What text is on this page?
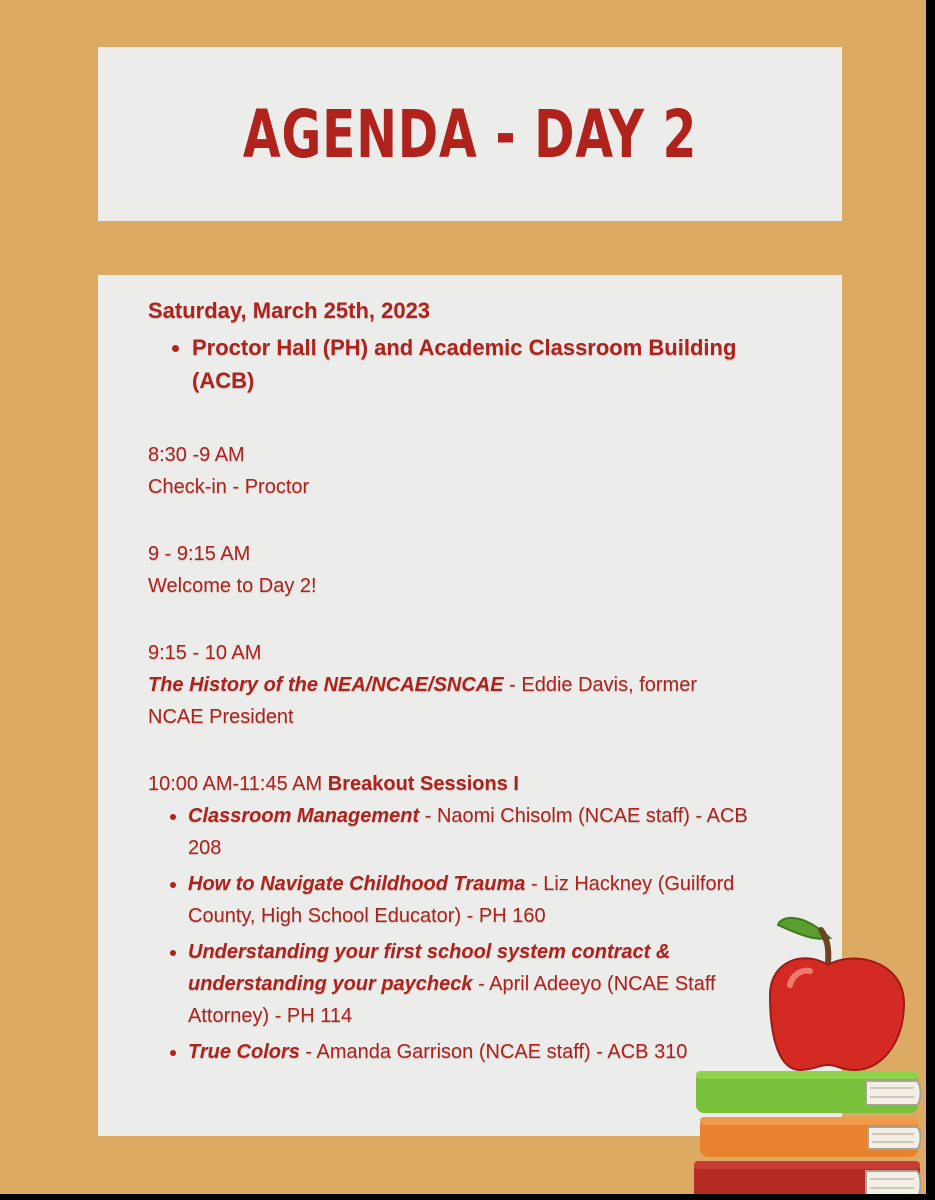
AGENDA - DAY 2

Saturday, March 25th, 2023

• Proctor Hall (PH) and Academic Classroom Building (ACB)

8:30 -9 AM

Check-in - Proctor

9 - 9:15 AM

Welcome to Day 2!

9:15 - 10 AM

The History of the NEA/NCAE/SNCAE - Eddie Davis, former NCAE President

10:00 AM-11:45 AM Breakout Sessions I

• Classroom Management - Naomi Chisolm (NCAE staff) - ACB 208
• How to Navigate Childhood Trauma - Liz Hackney (Guilford County, High School Educator) - PH 160
• Understanding your first school system contract & understanding your paycheck - April Adeeyo (NCAE Staff Attorney) - PH 114
• True Colors - Amanda Garrison (NCAE staff) - ACB 310
